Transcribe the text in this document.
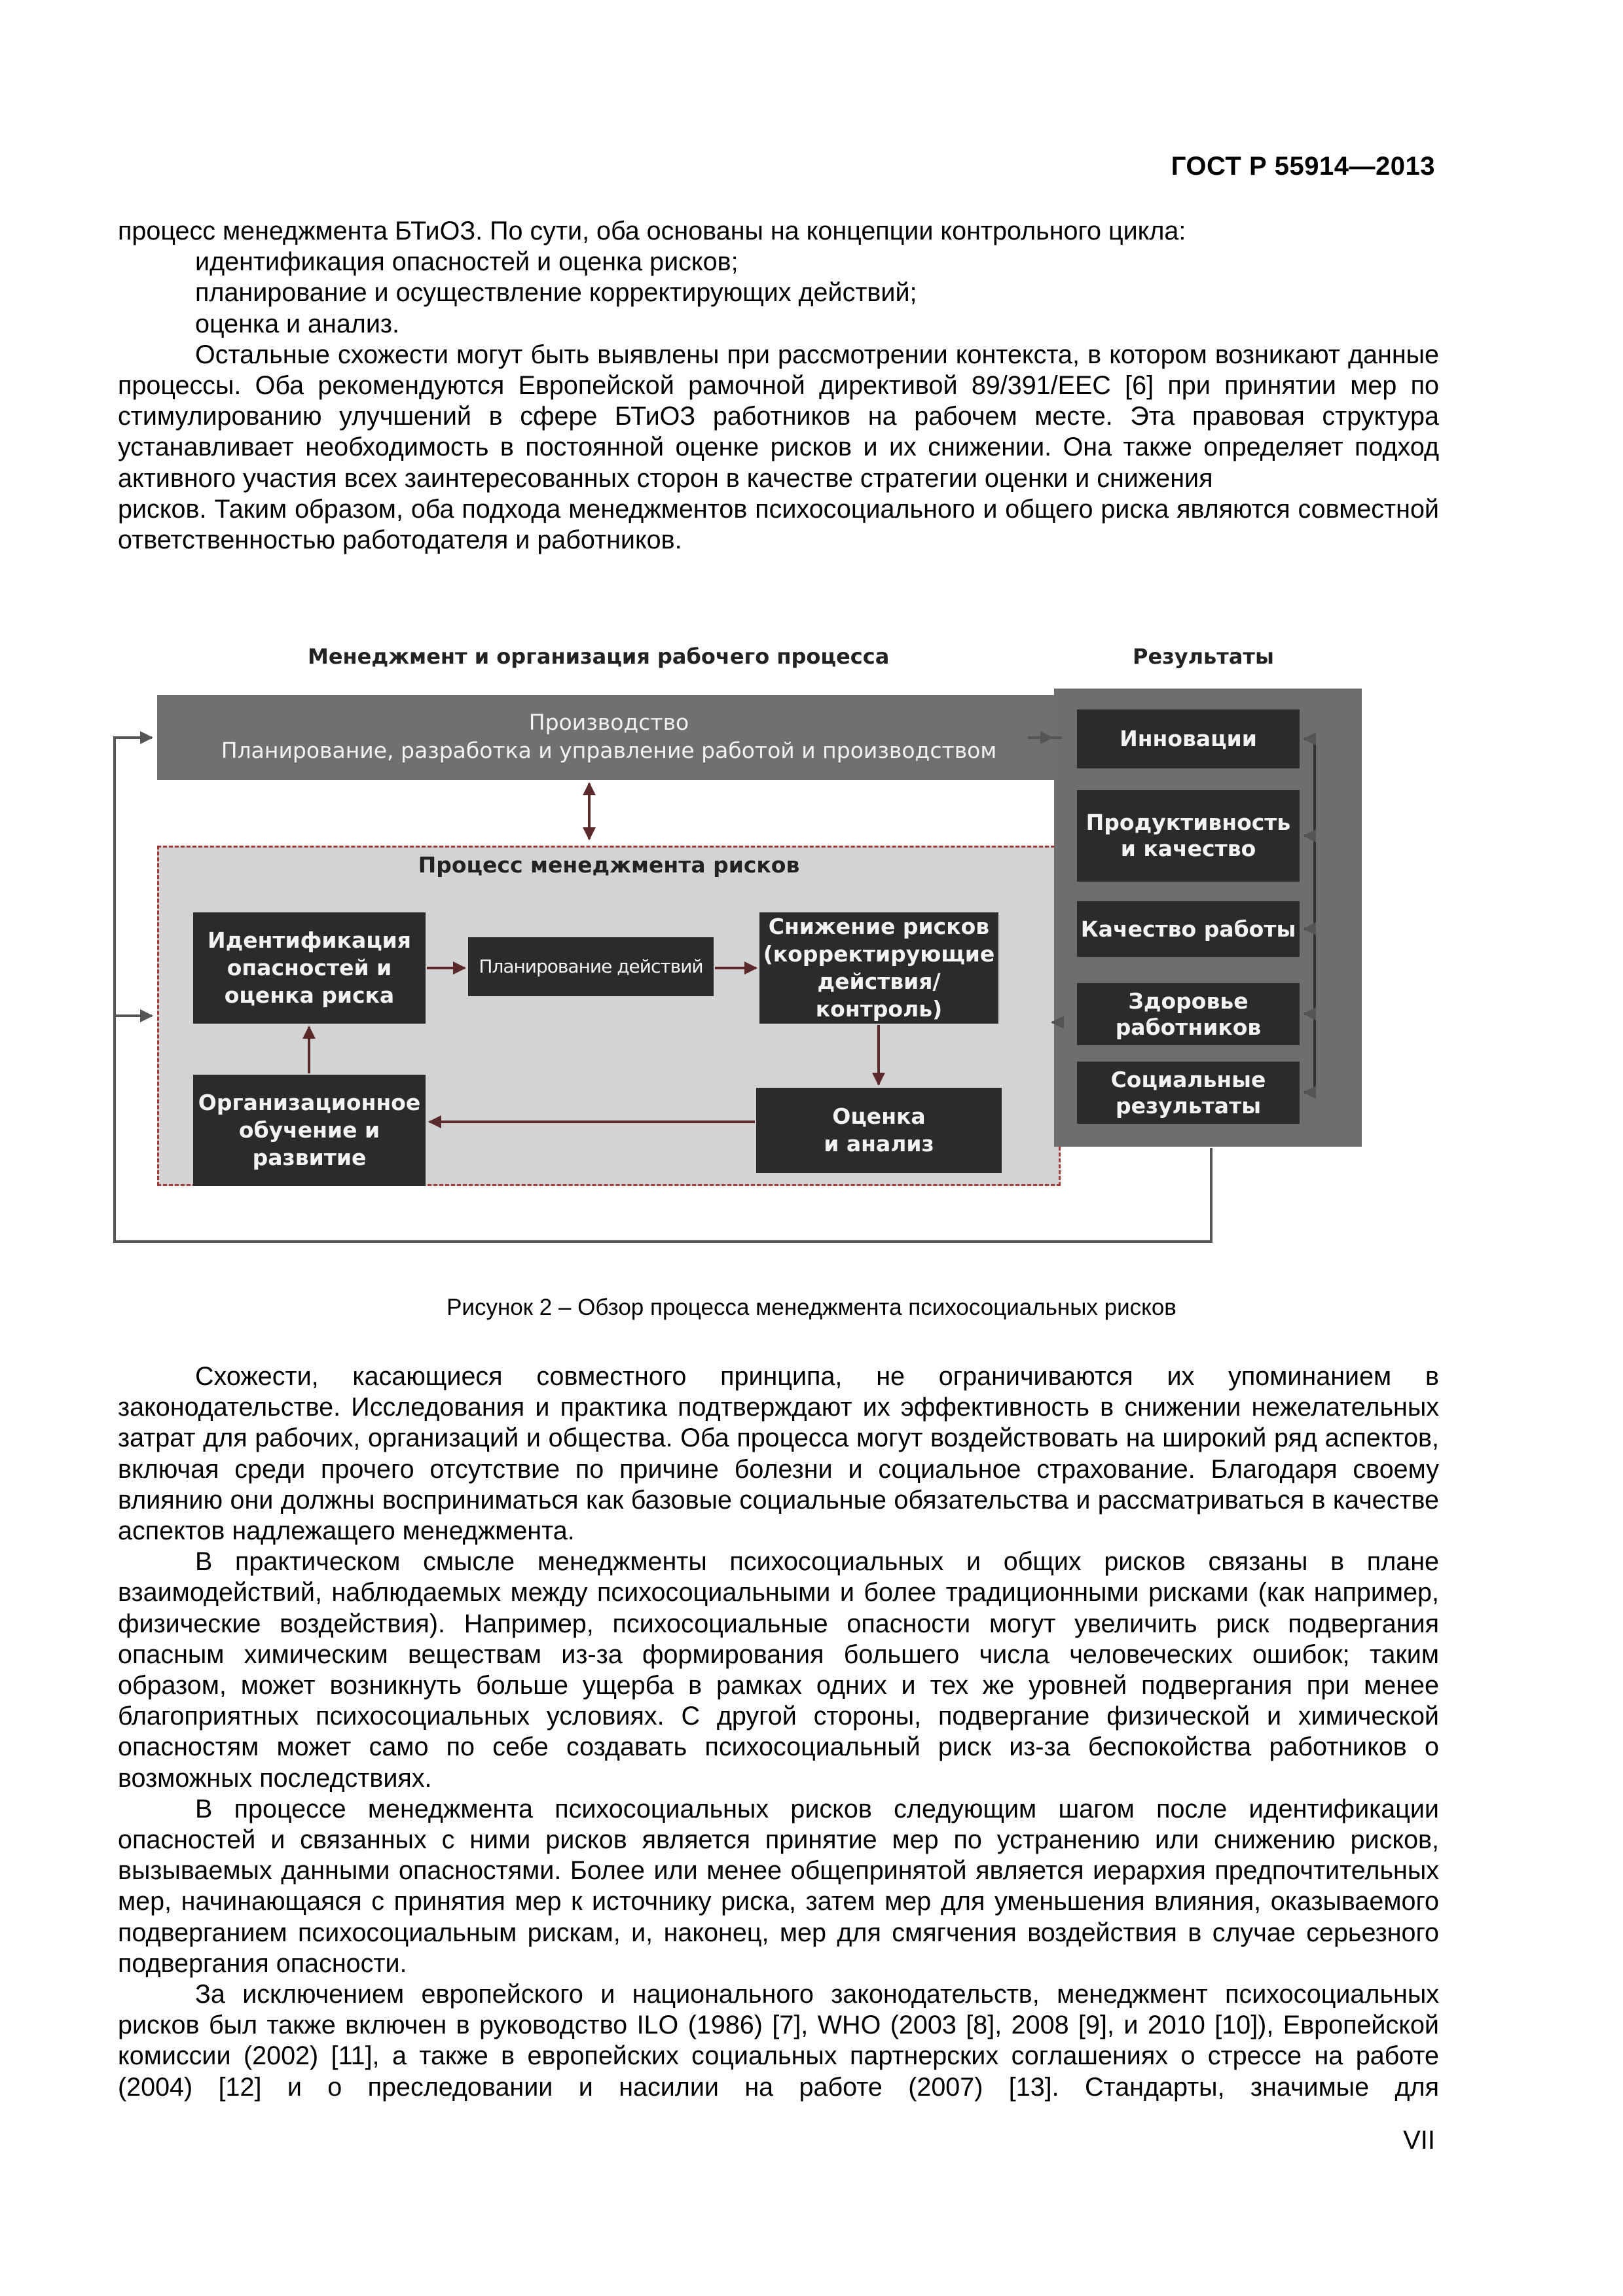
ГОСТ Р 55914—2013

процесс менеджмента БТиОЗ. По сути, оба основаны на концепции контрольного цикла:

идентификация опасностей и оценка рисков;

планирование и осуществление корректирующих действий;

оценка и анализ.

Остальные схожести могут быть выявлены при рассмотрении контекста, в котором возникают данные процессы. Оба рекомендуются Европейской рамочной директивой 89/391/EEC [6] при принятии мер по стимулированию улучшений в сфере БТиОЗ работников на рабочем месте. Эта правовая структура устанавливает необходимость в постоянной оценке рисков и их снижении. Она также определяет подход активного участия всех заинтересованных сторон в качестве стратегии оценки и снижения

рисков. Таким образом, оба подхода менеджментов психосоциального и общего риска являются совместной ответственностью работодателя и работников.

Менеджмент и организация рабочего процесса	Результаты
Производство
Планирование, разработка и управление работой и производством
Процесс менеджмента рисков
Идентификация
опасностей и
оценка риска
Планирование действий
Снижение рисков
(корректирующие
действия/контроль)
Организационное
обучение и
развитие
Оценка
и анализ
Инновации
Продуктивность и качество
Качество работы
Здоровье работников
Социальные результаты
Рисунок 2 – Обзор процесса менеджмента психосоциальных рисков

Схожести, касающиеся совместного принципа, не ограничиваются их упоминанием в законодательстве. Исследования и практика подтверждают их эффективность в снижении нежелательных затрат для рабочих, организаций и общества. Оба процесса могут воздействовать на широкий ряд аспектов, включая среди прочего отсутствие по причине болезни и социальное страхование. Благодаря своему влиянию они должны восприниматься как базовые социальные обязательства и рассматриваться в качестве аспектов надлежащего менеджмента.

В практическом смысле менеджменты психосоциальных и общих рисков связаны в плане взаимодействий, наблюдаемых между психосоциальными и более традиционными рисками (как например, физические воздействия). Например, психосоциальные опасности могут увеличить риск подвергания опасным химическим веществам из-за формирования большего числа человеческих ошибок; таким образом, может возникнуть больше ущерба в рамках одних и тех же уровней подвергания при менее благоприятных психосоциальных условиях. С другой стороны, подвергание физической и химической опасностям может само по себе создавать психосоциальный риск из-за беспокойства работников о возможных последствиях.

В процессе менеджмента психосоциальных рисков следующим шагом после идентификации опасностей и связанных с ними рисков является принятие мер по устранению или снижению рисков, вызываемых данными опасностями. Более или менее общепринятой является иерархия предпочтительных мер, начинающаяся с принятия мер к источнику риска, затем мер для уменьшения влияния, оказываемого подверганием психосоциальным рискам, и, наконец, мер для смягчения воздействия в случае серьезного подвергания опасности.

За исключением европейского и национального законодательств, менеджмент психосоциальных рисков был также включен в руководство ILO (1986) [7], WHO (2003 [8], 2008 [9], и 2010 [10]), Европейской комиссии (2002) [11], а также в европейских социальных партнерских соглашениях о стрессе на работе (2004) [12] и о преследовании и насилии на работе (2007) [13]. Стандарты, значимые для

VII
